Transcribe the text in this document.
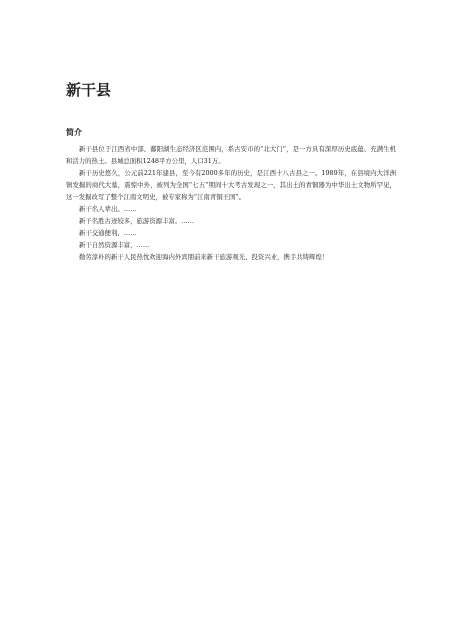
新干县
简介

新干县位于江西省中部、鄱阳湖生态经济区范围内，系古安市的“北大门”，是一方具有深厚历史底蕴、充满生机和活力的热土。县城总面积1248平方公里，人口31万。

新干历史悠久，公元前221年建县，至今有2000多年的历史，是江西十八古县之一。1989年，在县境内大洋洲镇发掘的商代大墓，震惊中外，被列为全国“七五”期间十大考古发现之一，其出土的青铜器为中华出土文物所罕见，这一发掘改写了整个江南文明史，被专家称为“江南青铜王国”。

新干名人辈出。……

新干名胜古迹较多，旅游资源丰富。……

新干交通便利，……

新干自然资源丰富，……

勤劳淳朴的新干人民热忱欢迎海内外宾朋前来新干旅游观光、投资兴业，携手共铸辉煌！
